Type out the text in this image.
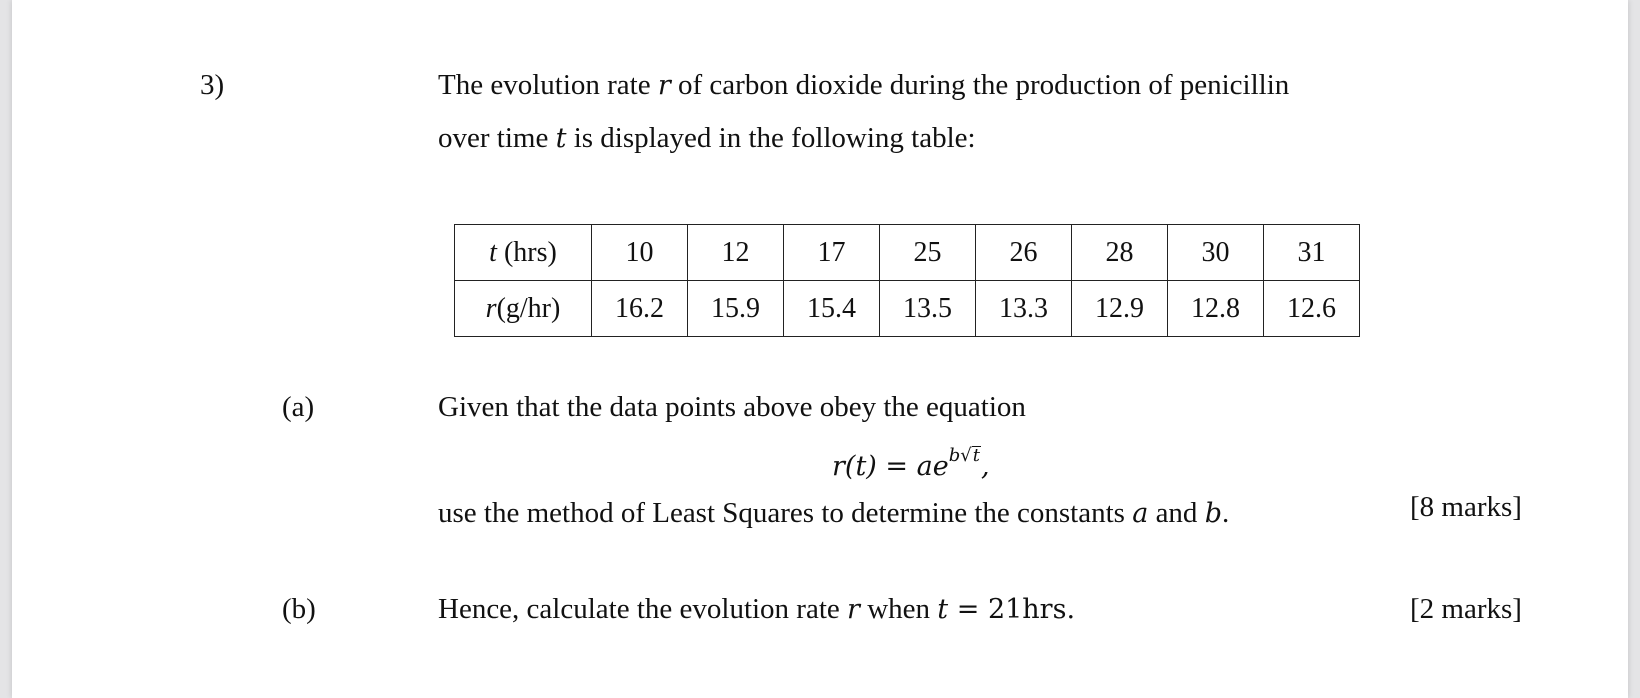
3)	The evolution rate r of carbon dioxide during the production of penicillin
over time t is displayed in the following table:
t (hrs)	10	12	17	25	26	28	30	31
r(g/hr)	16.2	15.9	15.4	13.5	13.3	12.9	12.8	12.6
(a)	Given that the data points above obey the equation
$r(t) = ae^{b√t}$,
use the method of Least Squares to determine the constants a and b.	[8 marks]
(b)	Hence, calculate the evolution rate r when t = 21hrs.	[2 marks]
